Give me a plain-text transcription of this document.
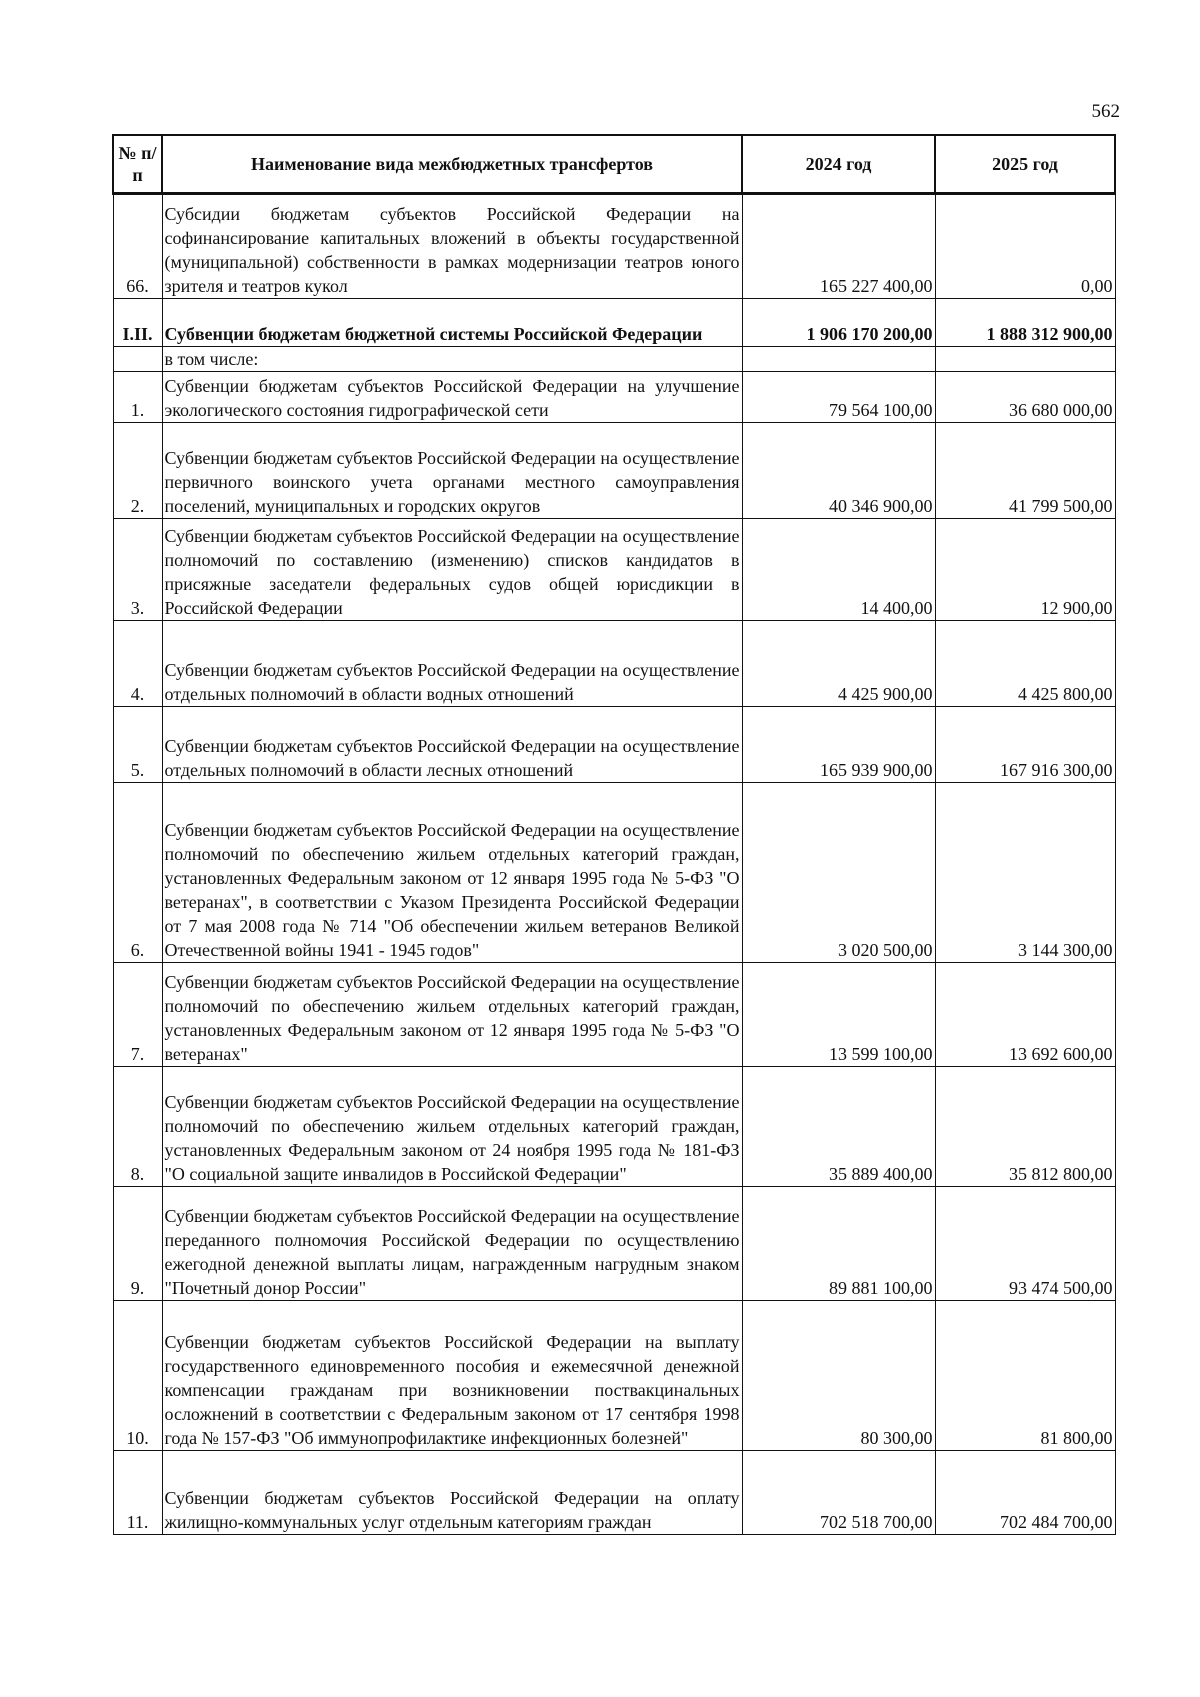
562
№ п/п	Наименование вида межбюджетных трансфертов	2024 год	2025 год
66.	Субсидии бюджетам субъектов Российской Федерации на софинансирование капитальных вложений в объекты государственной (муниципальной) собственности в рамках модернизации театров юного зрителя и театров кукол	165 227 400,00	0,00
I.II.	Субвенции бюджетам бюджетной системы Российской Федерации	1 906 170 200,00	1 888 312 900,00
	в том числе:		
1.	Субвенции бюджетам субъектов Российской Федерации на улучшение экологического состояния гидрографической сети	79 564 100,00	36 680 000,00
2.	Субвенции бюджетам субъектов Российской Федерации на осуществление первичного воинского учета органами местного самоуправления поселений, муниципальных и городских округов	40 346 900,00	41 799 500,00
3.	Субвенции бюджетам субъектов Российской Федерации на осуществление полномочий по составлению (изменению) списков кандидатов в присяжные заседатели федеральных судов общей юрисдикции в Российской Федерации	14 400,00	12 900,00
4.	Субвенции бюджетам субъектов Российской Федерации на осуществление отдельных полномочий в области водных отношений	4 425 900,00	4 425 800,00
5.	Субвенции бюджетам субъектов Российской Федерации на осуществление отдельных полномочий в области лесных отношений	165 939 900,00	167 916 300,00
6.	Субвенции бюджетам субъектов Российской Федерации на осуществление полномочий по обеспечению жильем отдельных категорий граждан, установленных Федеральным законом от 12 января 1995 года № 5-ФЗ "О ветеранах", в соответствии с Указом Президента Российской Федерации от 7 мая 2008 года № 714 "Об обеспечении жильем ветеранов Великой Отечественной войны 1941 - 1945 годов"	3 020 500,00	3 144 300,00
7.	Субвенции бюджетам субъектов Российской Федерации на осуществление полномочий по обеспечению жильем отдельных категорий граждан, установленных Федеральным законом от 12 января 1995 года № 5-ФЗ "О ветеранах"	13 599 100,00	13 692 600,00
8.	Субвенции бюджетам субъектов Российской Федерации на осуществление полномочий по обеспечению жильем отдельных категорий граждан, установленных Федеральным законом от 24 ноября 1995 года № 181-ФЗ "О социальной защите инвалидов в Российской Федерации"	35 889 400,00	35 812 800,00
9.	Субвенции бюджетам субъектов Российской Федерации на осуществление переданного полномочия Российской Федерации по осуществлению ежегодной денежной выплаты лицам, награжденным нагрудным знаком "Почетный донор России"	89 881 100,00	93 474 500,00
10.	Субвенции бюджетам субъектов Российской Федерации на выплату государственного единовременного пособия и ежемесячной денежной компенсации гражданам при возникновении поствакцинальных осложнений в соответствии с Федеральным законом от 17 сентября 1998 года № 157-ФЗ "Об иммунопрофилактике инфекционных болезней"	80 300,00	81 800,00
11.	Субвенции бюджетам субъектов Российской Федерации на оплату жилищно-коммунальных услуг отдельным категориям граждан	702 518 700,00	702 484 700,00
